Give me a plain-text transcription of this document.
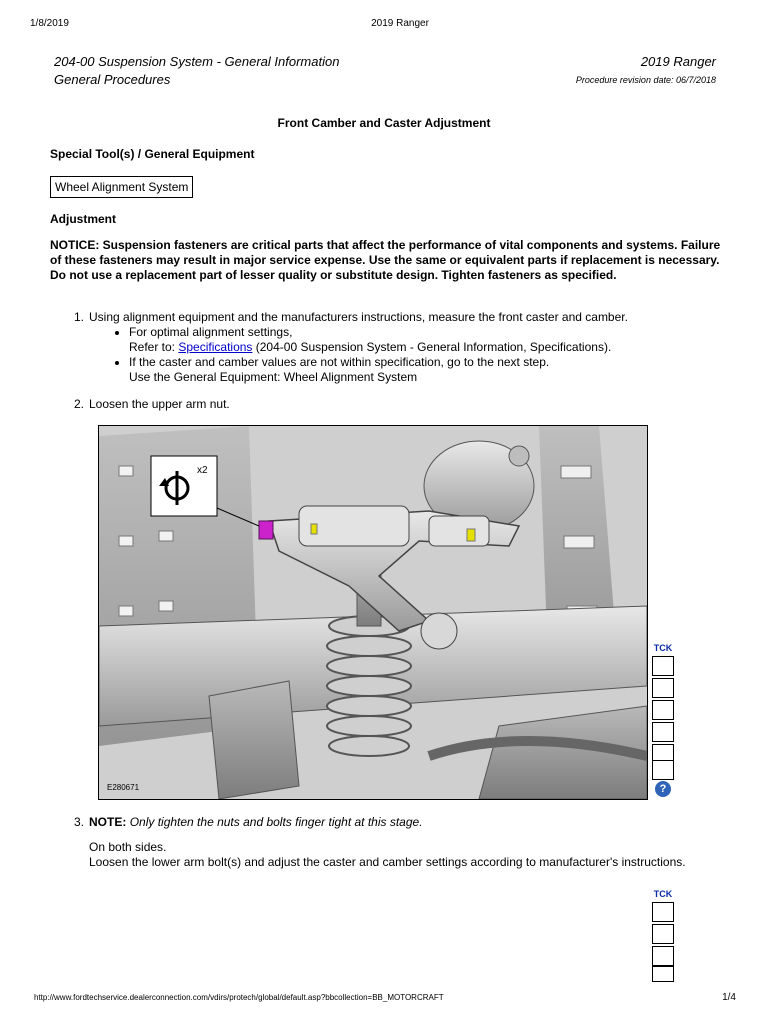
1/8/2019	2019 Ranger
204-00 Suspension System - General Information	2019 Ranger
General Procedures	Procedure revision date: 06/7/2018
Front Camber and Caster Adjustment
Special Tool(s) / General Equipment
Wheel Alignment System
Adjustment
NOTICE: Suspension fasteners are critical parts that affect the performance of vital components and systems. Failure of these fasteners may result in major service expense. Use the same or equivalent parts if replacement is necessary. Do not use a replacement part of lesser quality or substitute design. Tighten fasteners as specified.
1. Using alignment equipment and the manufacturers instructions, measure the front caster and camber.
• For optimal alignment settings,
Refer to: Specifications (204-00 Suspension System - General Information, Specifications).
• If the caster and camber values are not within specification, go to the next step.
Use the General Equipment: Wheel Alignment System
2. Loosen the upper arm nut.
x2
E280671
TCK
?
3. NOTE: Only tighten the nuts and bolts finger tight at this stage.
On both sides.
Loosen the lower arm bolt(s) and adjust the caster and camber settings according to manufacturer's instructions.
TCK
http://www.fordtechservice.dealerconnection.com/vdirs/protech/global/default.asp?bbcollection=BB_MOTORCRAFT	1/4
